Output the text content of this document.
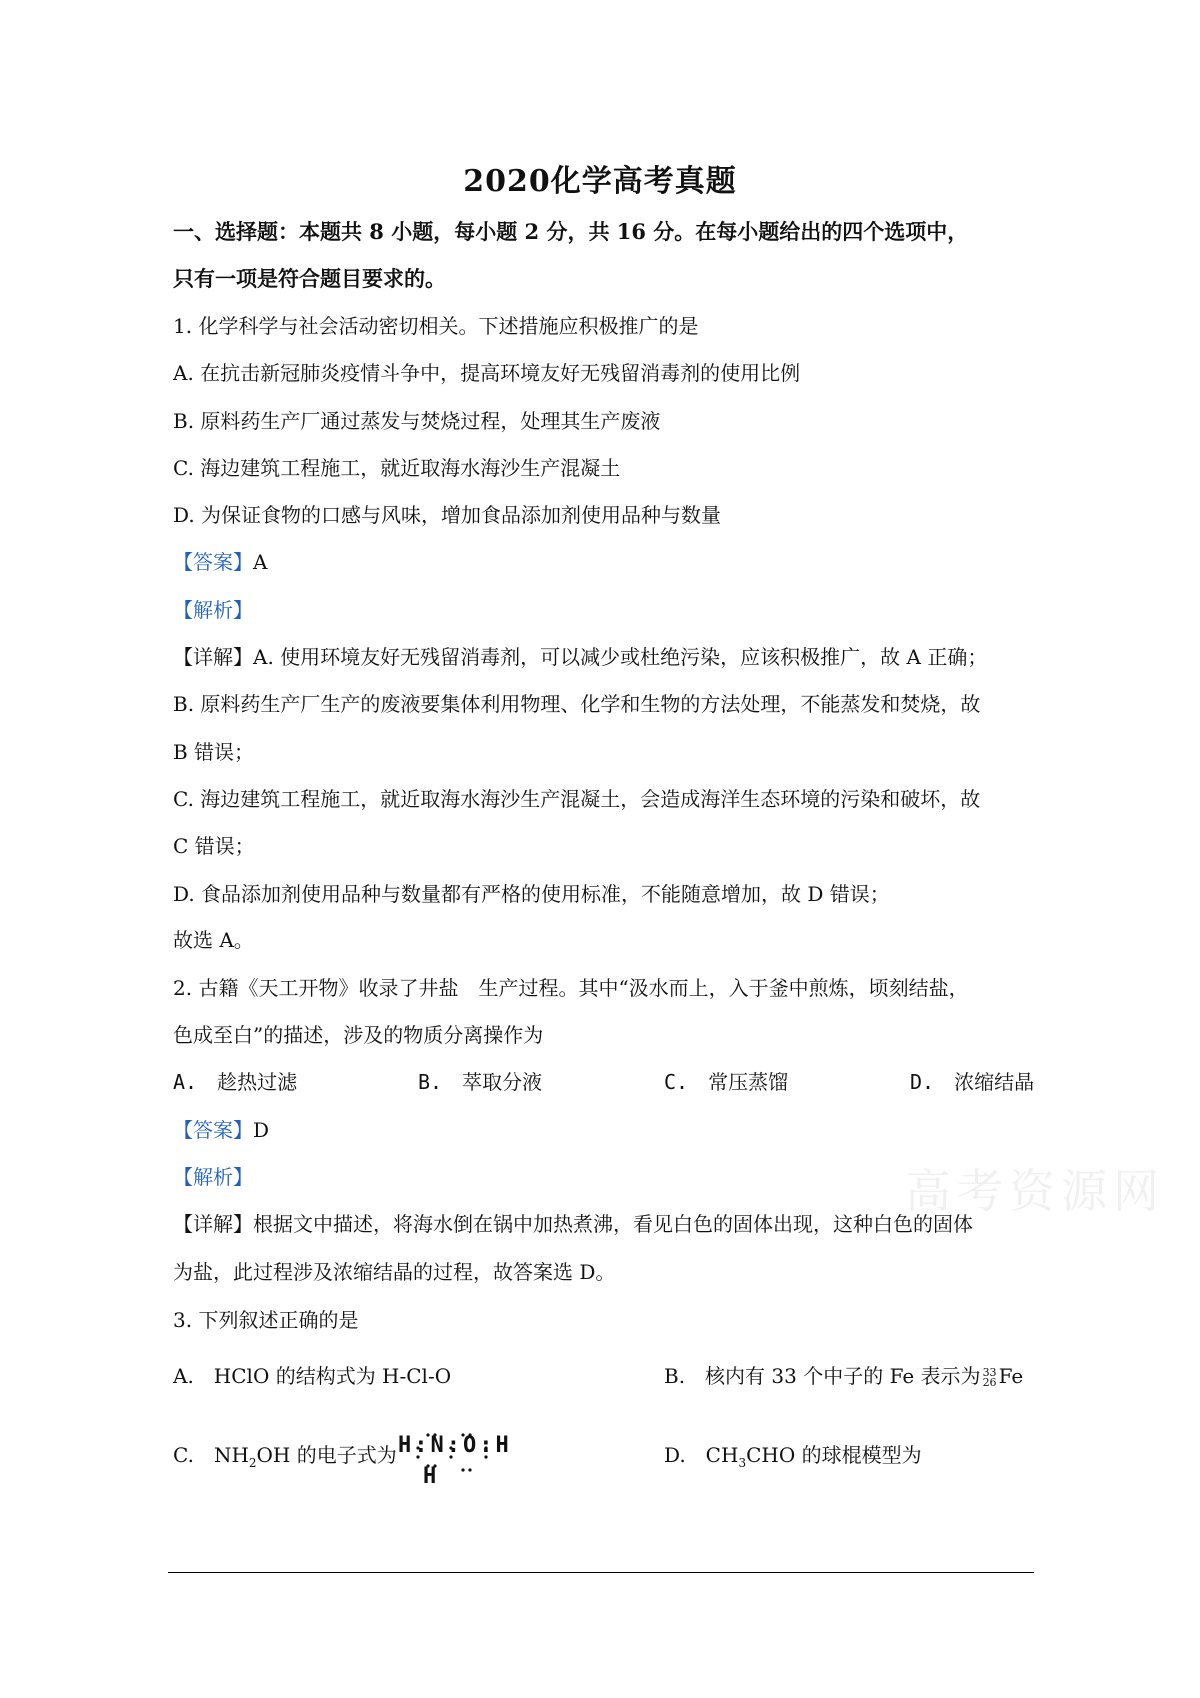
2020化学高考真题
一、选择题：本题共 8 小题，每小题 2 分，共 16 分。在每小题给出的四个选项中，
只有一项是符合题目要求的。
1. 化学科学与社会活动密切相关。下述措施应积极推广的是
A. 在抗击新冠肺炎疫情斗争中，提高环境友好无残留消毒剂的使用比例
B. 原料药生产厂通过蒸发与焚烧过程，处理其生产废液
C. 海边建筑工程施工，就近取海水海沙生产混凝土
D. 为保证食物的口感与风味，增加食品添加剂使用品种与数量
【答案】A
【解析】
【详解】A. 使用环境友好无残留消毒剂，可以减少或杜绝污染，应该积极推广，故 A 正确；
B. 原料药生产厂生产的废液要集体利用物理、化学和生物的方法处理，不能蒸发和焚烧，故
B 错误；
C. 海边建筑工程施工，就近取海水海沙生产混凝土，会造成海洋生态环境的污染和破坏，故
C 错误；
D. 食品添加剂使用品种与数量都有严格的使用标准，不能随意增加，故 D 错误；
故选 A。
2. 古籍《天工开物》收录了井盐　生产过程。其中“汲水而上，入于釜中煎炼，顷刻结盐，
色成至白”的描述，涉及的物质分离操作为
A.　趁热过滤	B.　萃取分液	C.　常压蒸馏	D.　浓缩结晶
【答案】D
【解析】
【详解】根据文中描述，将海水倒在锅中加热煮沸，看见白色的固体出现，这种白色的固体
为盐，此过程涉及浓缩结晶的过程，故答案选 D。
3. 下列叙述正确的是
A.　HClO 的结构式为 H-Cl-O	B.　核内有 33 个中子的 Fe 表示为 33
26 Fe
C.　$NH_2OH$ 的电子式为 H:N:O:H
H
D.　$CH_3CHO$ 的球棍模型为
高考资源网
